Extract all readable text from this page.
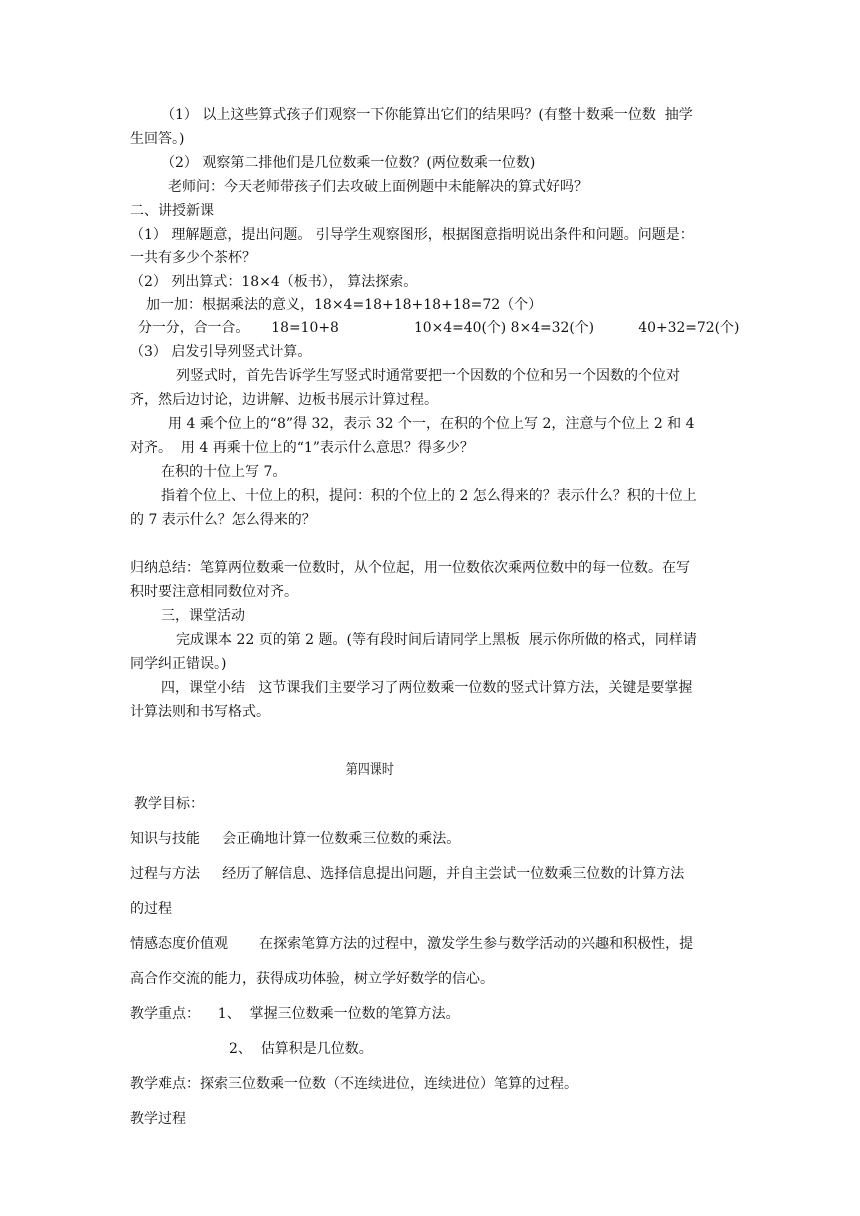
（1） 以上这些算式孩子们观察一下你能算出它们的结果吗？(有整十数乘一位数  抽学
生回答。)
（2） 观察第二排他们是几位数乘一位数？(两位数乘一位数)
老师问：今天老师带孩子们去攻破上面例题中未能解决的算式好吗？
二、讲授新课
（1） 理解题意，提出问题。 引导学生观察图形，根据图意指明说出条件和问题。问题是：
一共有多少个茶杯？
（2） 列出算式：18×4（板书）， 算法探索。
加一加：根据乘法的意义，18×4=18+18+18+18=72（个）
分一分，合一合。     18=10+8                 10×4=40(个) 8×4=32(个)          40+32=72(个)
（3） 启发引导列竖式计算。
列竖式时，首先告诉学生写竖式时通常要把一个因数的个位和另一个因数的个位对
齐，然后边讨论，边讲解、边板书展示计算过程。
用 4 乘个位上的“8”得 32，表示 32 个一，在积的个位上写 2，注意与个位上 2 和 4
对齐。  用 4 再乘十位上的“1”表示什么意思？得多少？
在积的十位上写 7。
指着个位上、十位上的积，提问：积的个位上的 2 怎么得来的？表示什么？积的十位上
的 7 表示什么？怎么得来的？
归纳总结：笔算两位数乘一位数时，从个位起，用一位数依次乘两位数中的每一位数。在写
积时要注意相同数位对齐。
三，课堂活动
完成课本 22 页的第 2 题。(等有段时间后请同学上黑板  展示你所做的格式，同样请
同学纠正错误。)
四，课堂小结   这节课我们主要学习了两位数乘一位数的竖式计算方法，关键是要掌握
计算法则和书写格式。
第四课时
教学目标：
知识与技能     会正确地计算一位数乘三位数的乘法。
过程与方法     经历了解信息、选择信息提出问题，并自主尝试一位数乘三位数的计算方法
的过程
情感态度价值观       在探索笔算方法的过程中，激发学生参与数学活动的兴趣和积极性，提
高合作交流的能力，获得成功体验，树立学好数学的信心。
教学重点：    1、  掌握三位数乘一位数的笔算方法。
2、  估算积是几位数。
教学难点：探索三位数乘一位数（不连续进位，连续进位）笔算的过程。
教学过程
